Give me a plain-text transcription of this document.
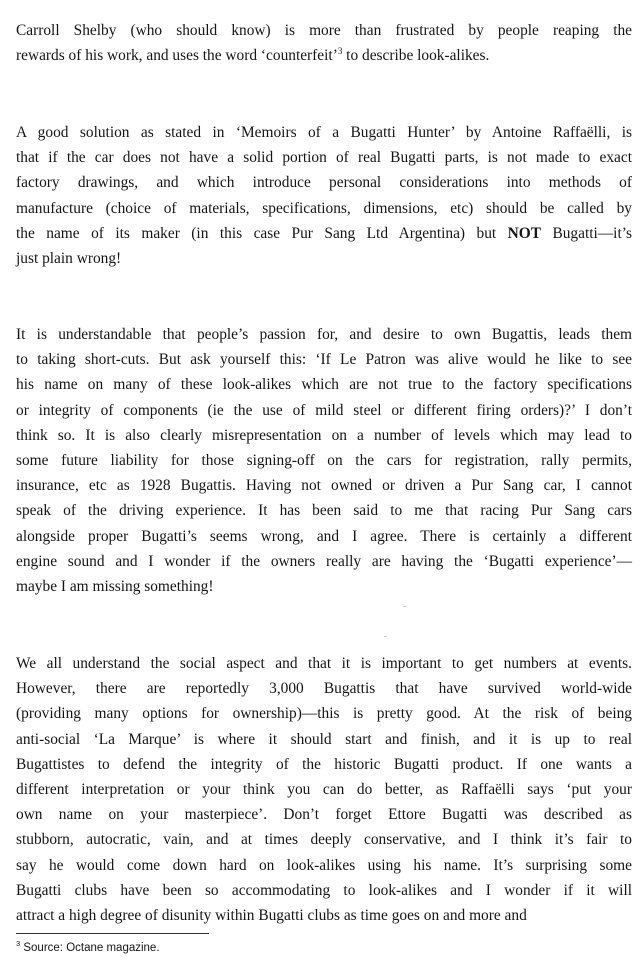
Carroll Shelby (who should know) is more than frustrated by people reaping the
rewards of his work, and uses the word ‘counterfeit’$^3$ to describe look-alikes.
A good solution as stated in ‘Memoirs of a Bugatti Hunter’ by Antoine Raffaëlli, is
that if the car does not have a solid portion of real Bugatti parts, is not made to exact
factory drawings, and which introduce personal considerations into methods of
manufacture (choice of materials, specifications, dimensions, etc) should be called by
the name of its maker (in this case Pur Sang Ltd Argentina) but NOT Bugatti—it’s
just plain wrong!
It is understandable that people’s passion for, and desire to own Bugattis, leads them
to taking short-cuts. But ask yourself this: ‘If Le Patron was alive would he like to see
his name on many of these look-alikes which are not true to the factory specifications
or integrity of components (ie the use of mild steel or different firing orders)?’ I don’t
think so. It is also clearly misrepresentation on a number of levels which may lead to
some future liability for those signing-off on the cars for registration, rally permits,
insurance, etc as 1928 Bugattis. Having not owned or driven a Pur Sang car, I cannot
speak of the driving experience. It has been said to me that racing Pur Sang cars
alongside proper Bugatti’s seems wrong, and I agree. There is certainly a different
engine sound and I wonder if the owners really are having the ‘Bugatti experience’—
maybe I am missing something!
We all understand the social aspect and that it is important to get numbers at events.
However, there are reportedly 3,000 Bugattis that have survived world-wide
(providing many options for ownership)—this is pretty good. At the risk of being
anti-social ‘La Marque’ is where it should start and finish, and it is up to real
Bugattistes to defend the integrity of the historic Bugatti product. If one wants a
different interpretation or your think you can do better, as Raffaëlli says ‘put your
own name on your masterpiece’. Don’t forget Ettore Bugatti was described as
stubborn, autocratic, vain, and at times deeply conservative, and I think it’s fair to
say he would come down hard on look-alikes using his name. It’s surprising some
Bugatti clubs have been so accommodating to look-alikes and I wonder if it will
attract a high degree of disunity within Bugatti clubs as time goes on and more and

$^3$ Source: Octane magazine.
